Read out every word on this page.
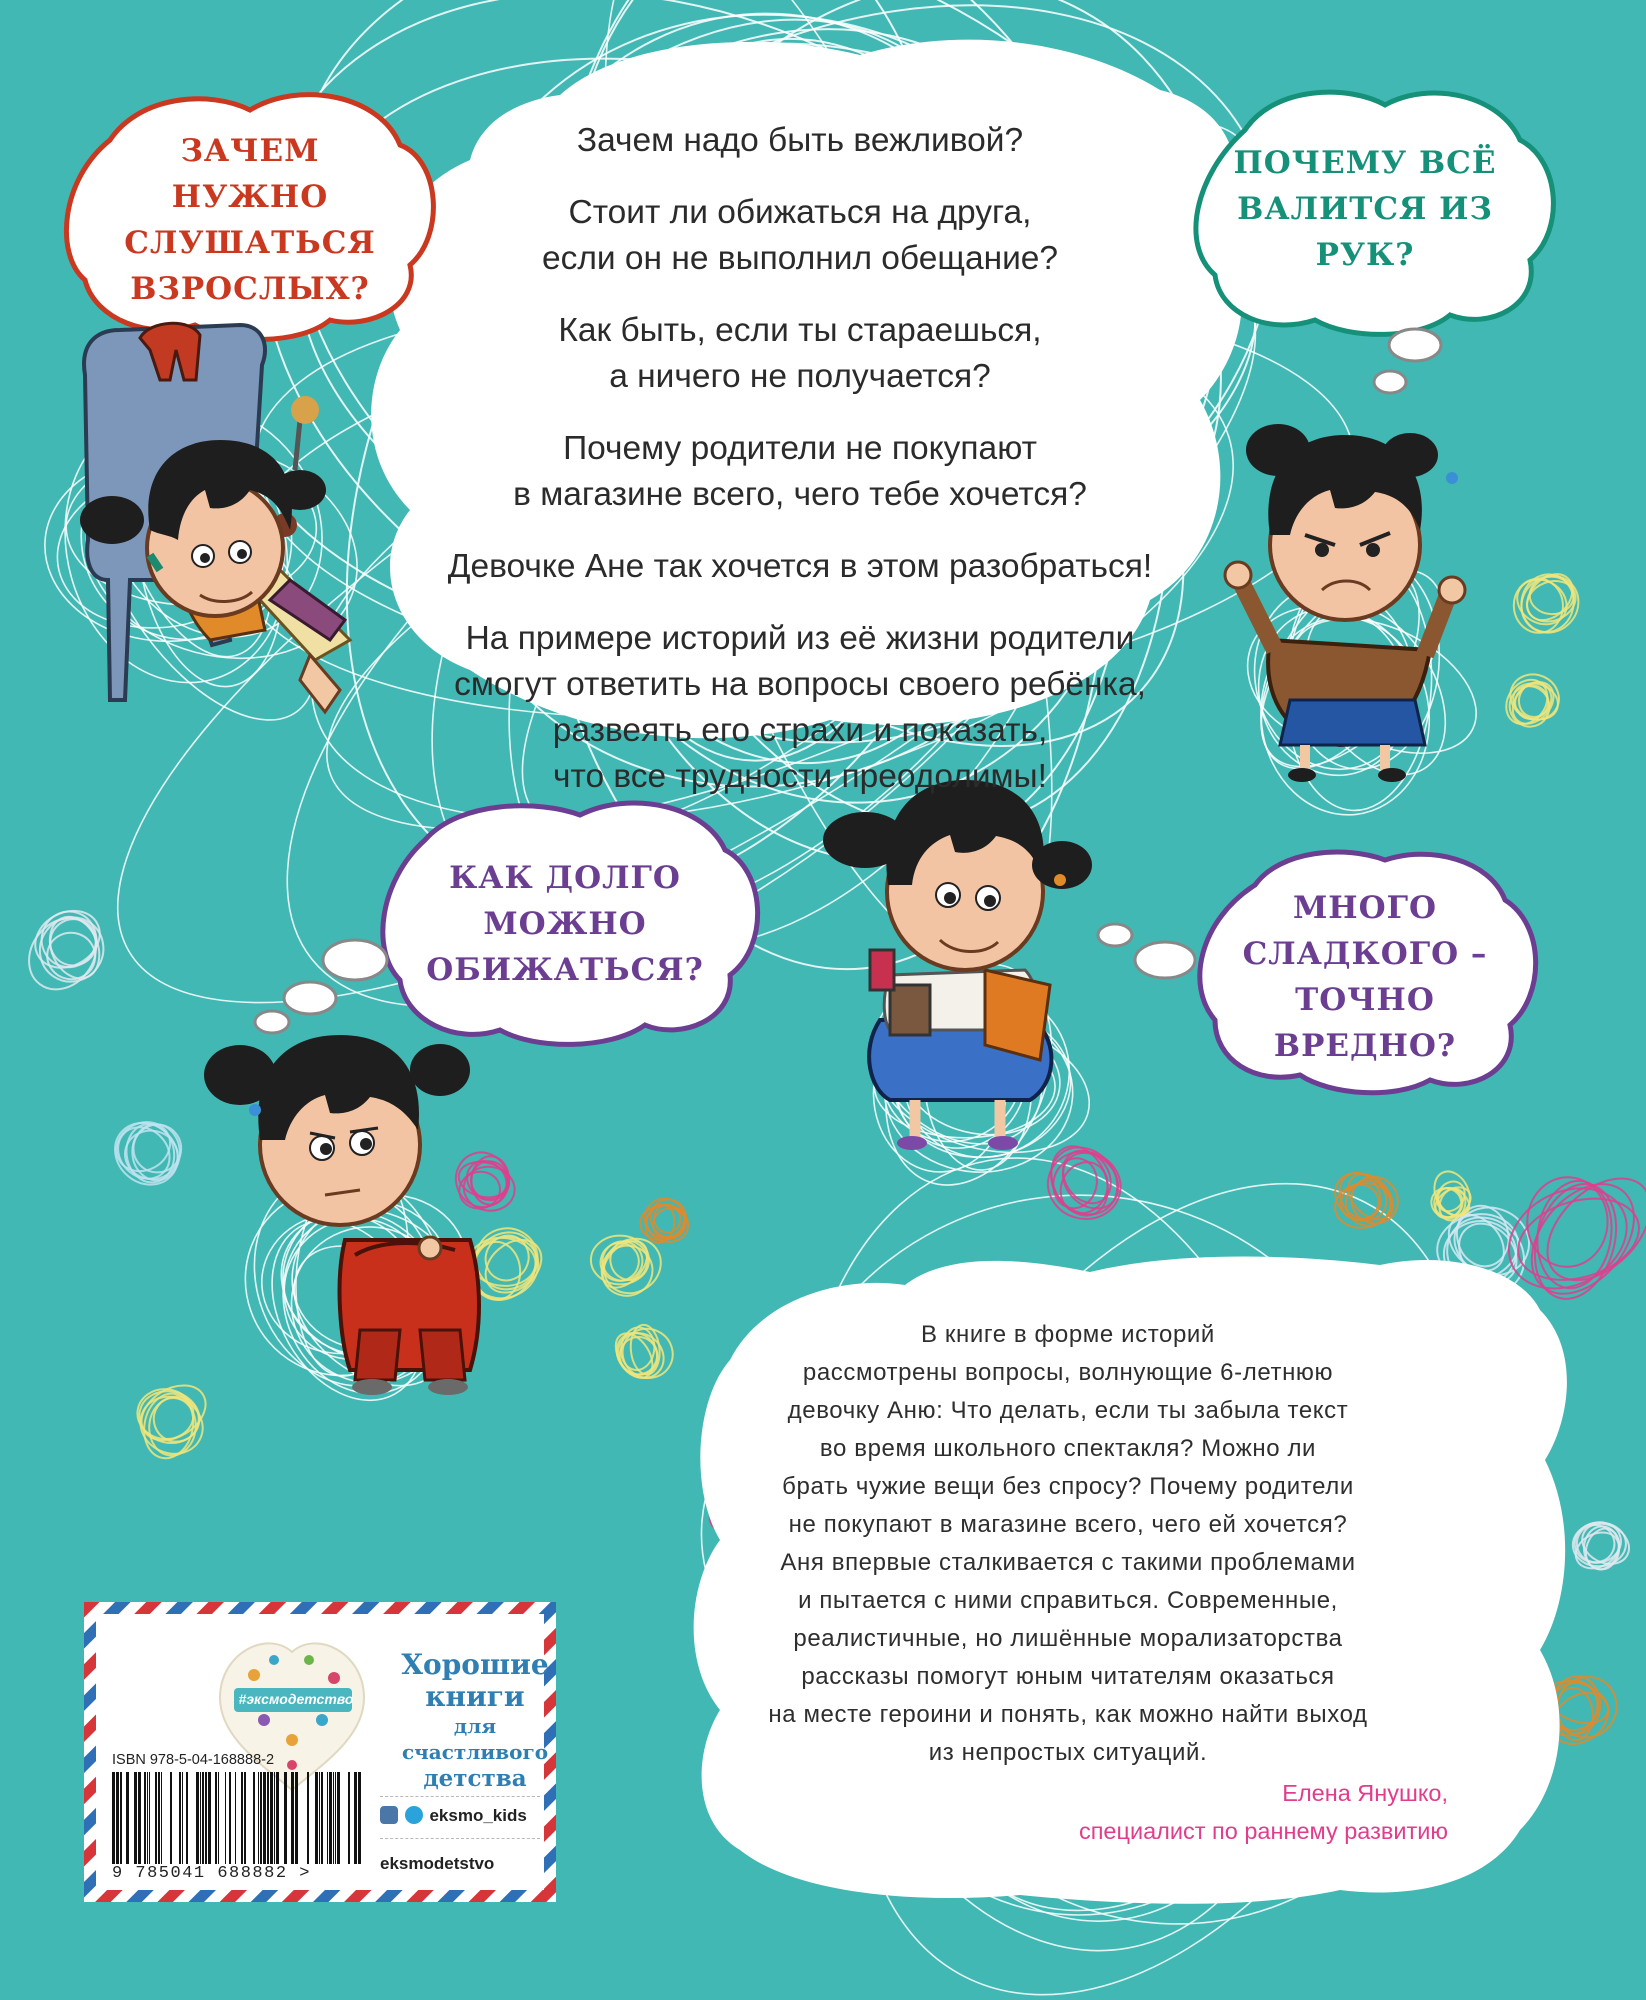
Зачем надо быть вежливой?
Стоит ли обижаться на друга,
если он не выполнил обещание?
Как быть, если ты стараешься,
а ничего не получается?
Почему родители не покупают
в магазине всего, чего тебе хочется?
Девочке Ане так хочется в этом разобраться!
На примере историй из её жизни родители
смогут ответить на вопросы своего ребёнка,
развеять его страхи и показать,
что все трудности преодолимы!
ЗАЧЕМ НУЖНО
СЛУШАТЬСЯ
ВЗРОСЛЫХ?
ПОЧЕМУ ВСЁ
ВАЛИТСЯ ИЗ
РУК?
КАК ДОЛГО
МОЖНО
ОБИЖАТЬСЯ?
МНОГО
СЛАДКОГО –
ТОЧНО
ВРЕДНО?
В книге в форме историй
рассмотрены вопросы, волнующие 6-летнюю
девочку Аню: Что делать, если ты забыла текст
во время школьного спектакля? Можно ли
брать чужие вещи без спросу? Почему родители
не покупают в магазине всего, чего ей хочется?
Аня впервые сталкивается с такими проблемами
и пытается с ними справиться. Современные,
реалистичные, но лишённые морализаторства
рассказы помогут юным читателям оказаться
на месте героини и понять, как можно найти выход
из непростых ситуаций.
Елена Янушко,
специалист по раннему развитию
#эксмодетство
Хорошие
книги
для счастливого
детства
ISBN 978-5-04-168888-2
9 785041 688882 >
eksmo_kids
eksmodetstvo
